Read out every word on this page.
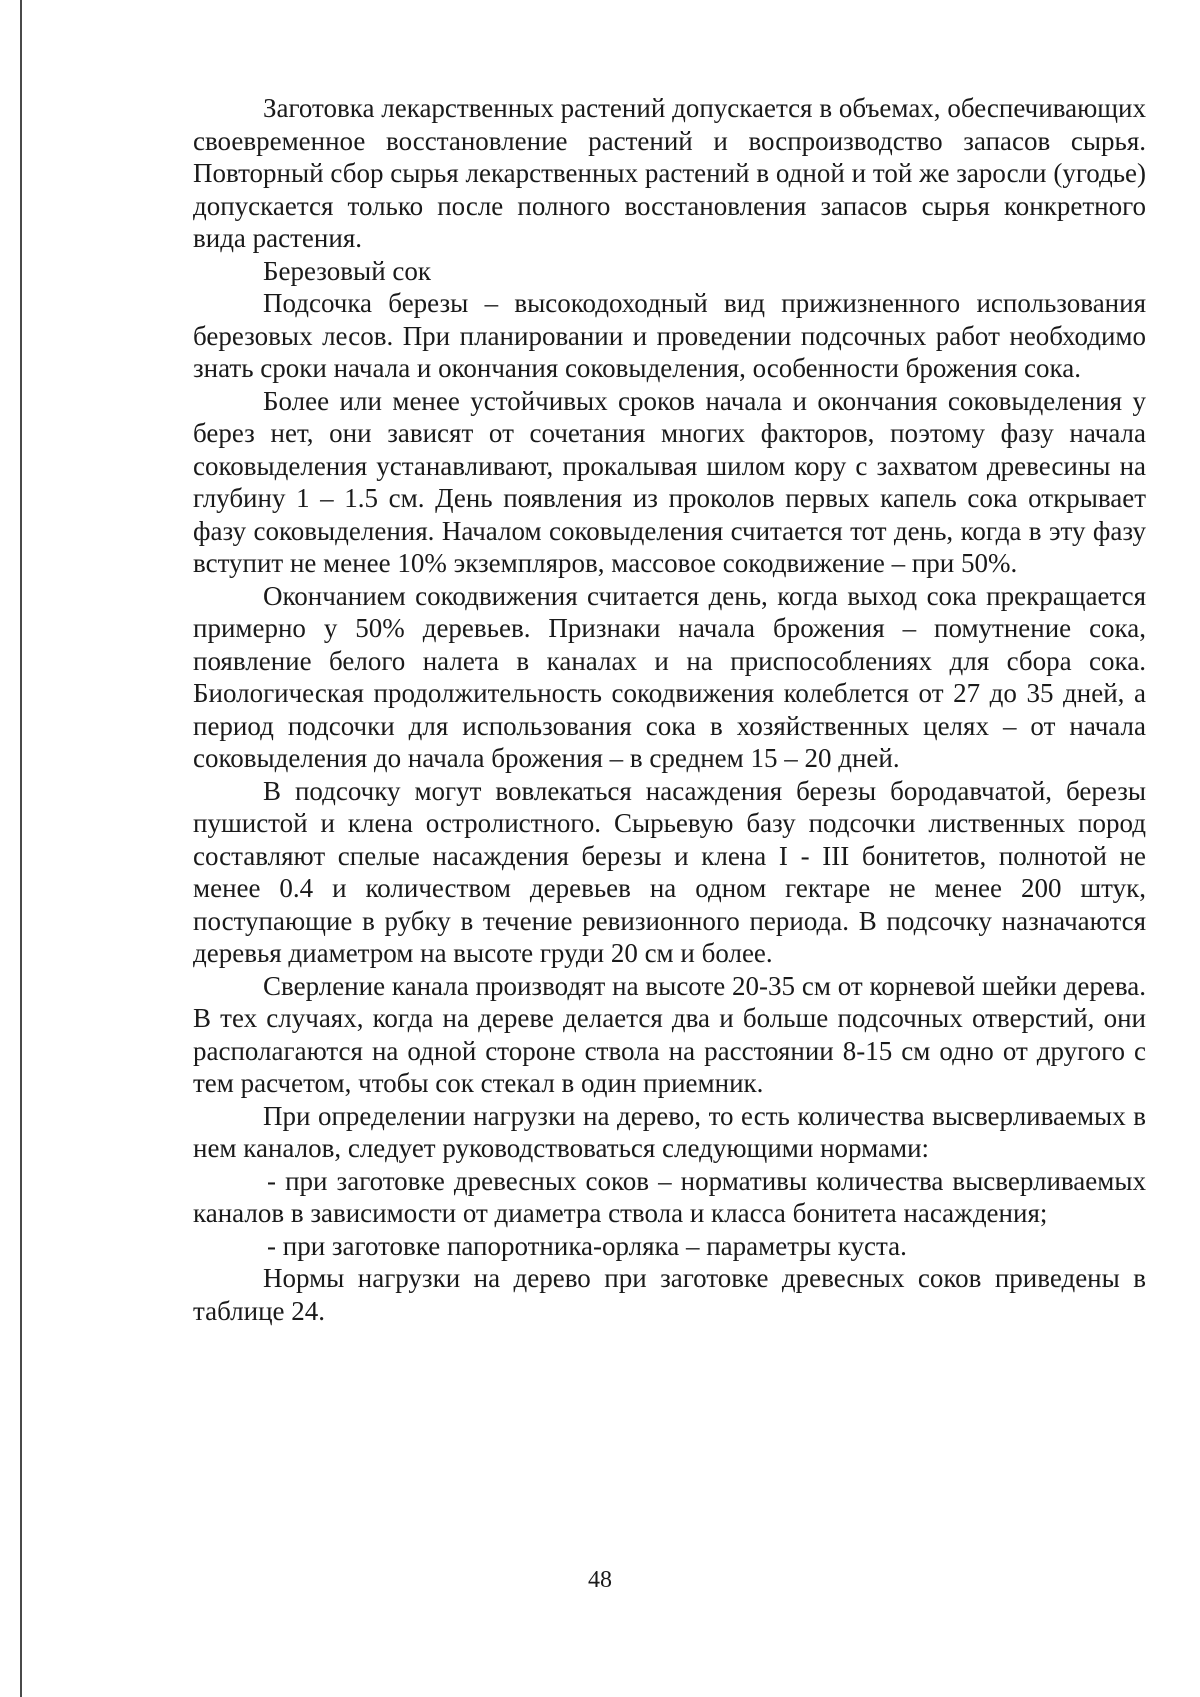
Заготовка лекарственных растений допускается в объемах, обеспечивающих своевременное восстановление растений и воспроизводство запасов сырья. Повторный сбор сырья лекарственных растений в одной и той же заросли (угодье) допускается только после полного восстановления запасов сырья конкретного вида растения.

Березовый сок

Подсочка березы – высокодоходный вид прижизненного использования березовых лесов. При планировании и проведении подсочных работ необходимо знать сроки начала и окончания соковыделения, особенности брожения сока.

Более или менее устойчивых сроков начала и окончания соковыделения у берез нет, они зависят от сочетания многих факторов, поэтому фазу начала соковыделения устанавливают, прокалывая шилом кору с захватом древесины на глубину 1 – 1.5 см. День появления из проколов первых капель сока открывает фазу соковыделения. Началом соковыделения считается тот день, когда в эту фазу вступит не менее 10% экземпляров, массовое сокодвижение – при 50%.

Окончанием сокодвижения считается день, когда выход сока прекращается примерно у 50% деревьев. Признаки начала брожения – помутнение сока, появление белого налета в каналах и на приспособлениях для сбора сока. Биологическая продолжительность сокодвижения колеблется от 27 до 35 дней, а период подсочки для использования сока в хозяйственных целях – от начала соковыделения до начала брожения – в среднем 15 – 20 дней.

В подсочку могут вовлекаться насаждения березы бородавчатой, березы пушистой и клена остролистного. Сырьевую базу подсочки лиственных пород составляют спелые насаждения березы и клена I - III бонитетов, полнотой не менее 0.4 и количеством деревьев на одном гектаре не менее 200 штук, поступающие в рубку в течение ревизионного периода. В подсочку назначаются деревья диаметром на высоте груди 20 см и более.

Сверление канала производят на высоте 20-35 см от корневой шейки дерева. В тех случаях, когда на дереве делается два и больше подсочных отверстий, они располагаются на одной стороне ствола на расстоянии 8-15 см одно от другого с тем расчетом, чтобы сок стекал в один приемник.

При определении нагрузки на дерево, то есть количества высверливаемых в нем каналов, следует руководствоваться следующими нормами:

- при заготовке древесных соков – нормативы количества высверливаемых каналов в зависимости от диаметра ствола и класса бонитета насаждения;

- при заготовке папоротника-орляка – параметры куста.

Нормы нагрузки на дерево при заготовке древесных соков приведены в таблице 24.

48
